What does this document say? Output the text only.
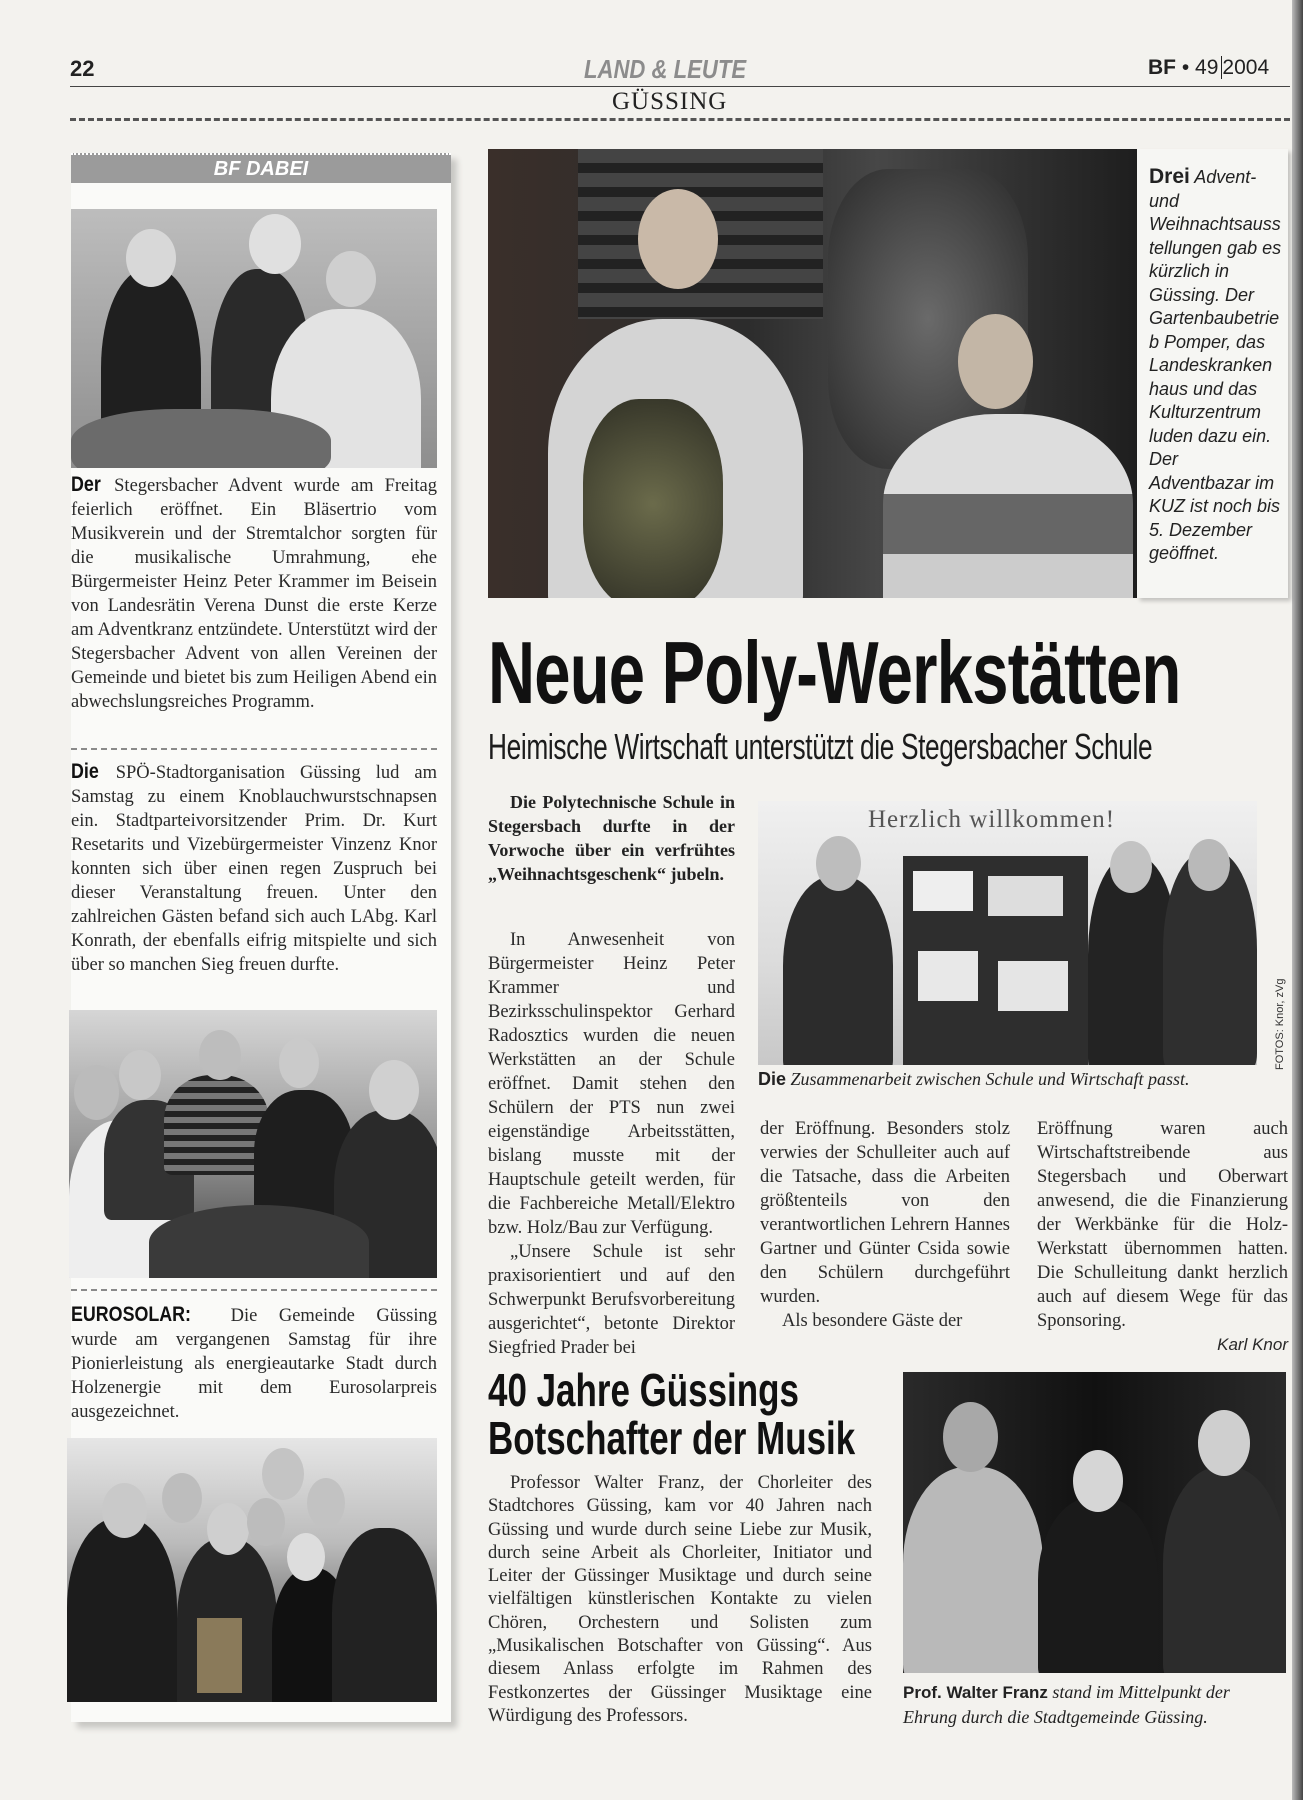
22	LAND & LEUTE	BF • 49 2004
GÜSSING
BF DABEI
Der Stegersbacher Advent wurde am Freitag feierlich eröffnet. Ein Bläsertrio vom Musikverein und der Stremtalchor sorgten für die musikalische Umrahmung, ehe Bürgermeister Heinz Peter Krammer im Beisein von Landesrätin Verena Dunst die erste Kerze am Adventkranz entzündete. Unterstützt wird der Stegersbacher Advent von allen Vereinen der Gemeinde und bietet bis zum Heiligen Abend ein abwechslungsreiches Programm.
Die SPÖ-Stadtorganisation Güssing lud am Samstag zu einem Knoblauchwurstschnapsen ein. Stadtparteivorsitzender Prim. Dr. Kurt Resetarits und Vizebürgermeister Vinzenz Knor konnten sich über einen regen Zuspruch bei dieser Veranstaltung freuen. Unter den zahlreichen Gästen befand sich auch LAbg. Karl Konrath, der ebenfalls eifrig mitspielte und sich über so manchen Sieg freuen durfte.
EUROSOLAR: Die Gemeinde Güssing wurde am vergangenen Samstag für ihre Pionierleistung als energieautarke Stadt durch Holzenergie mit dem Eurosolarpreis ausgezeichnet.
Drei Advent- und Weihnachtsausstellungen gab es kürzlich in Güssing. Der Gartenbaubetrieb Pomper, das Landeskrankenhaus und das Kulturzentrum luden dazu ein. Der Adventbazar im KUZ ist noch bis 5. Dezember geöffnet.
Neue Poly-Werkstätten
Heimische Wirtschaft unterstützt die Stegersbacher Schule
Die Polytechnische Schule in Stegersbach durfte in der Vorwoche über ein verfrühtes „Weihnachtsgeschenk“ jubeln.
In Anwesenheit von Bürgermeister Heinz Peter Krammer und Bezirksschulinspektor Gerhard Radosztics wurden die neuen Werkstätten an der Schule eröffnet. Damit stehen den Schülern der PTS nun zwei eigenständige Arbeitsstätten, bislang musste mit der Hauptschule geteilt werden, für die Fachbereiche Metall/Elektro bzw. Holz/Bau zur Verfügung.
„Unsere Schule ist sehr praxisorientiert und auf den Schwerpunkt Berufsvorbereitung ausgerichtet“, betonte Direktor Siegfried Prader bei
Herzlich willkommen!
FOTOS: Knor, zVg
Die Zusammenarbeit zwischen Schule und Wirtschaft passt.
der Eröffnung. Besonders stolz verwies der Schulleiter auch auf die Tatsache, dass die Arbeiten größtenteils von den verantwortlichen Lehrern Hannes Gartner und Günter Csida sowie den Schülern durchgeführt wurden.
Als besondere Gäste der
Eröffnung waren auch Wirtschaftstreibende aus Stegersbach und Oberwart anwesend, die die Finanzierung der Werkbänke für die Holz-Werkstatt übernommen hatten. Die Schulleitung dankt herzlich auch auf diesem Wege für das Sponsoring.
Karl Knor
40 Jahre Güssings
Botschafter der Musik
Professor Walter Franz, der Chorleiter des Stadtchores Güssing, kam vor 40 Jahren nach Güssing und wurde durch seine Liebe zur Musik, durch seine Arbeit als Chorleiter, Initiator und Leiter der Güssinger Musiktage und durch seine vielfältigen künstlerischen Kontakte zu vielen Chören, Orchestern und Solisten zum „Musikalischen Botschafter von Güssing“. Aus diesem Anlass erfolgte im Rahmen des Festkonzertes der Güssinger Musiktage eine Würdigung des Professors.
Prof. Walter Franz stand im Mittelpunkt der Ehrung durch die Stadtgemeinde Güssing.
